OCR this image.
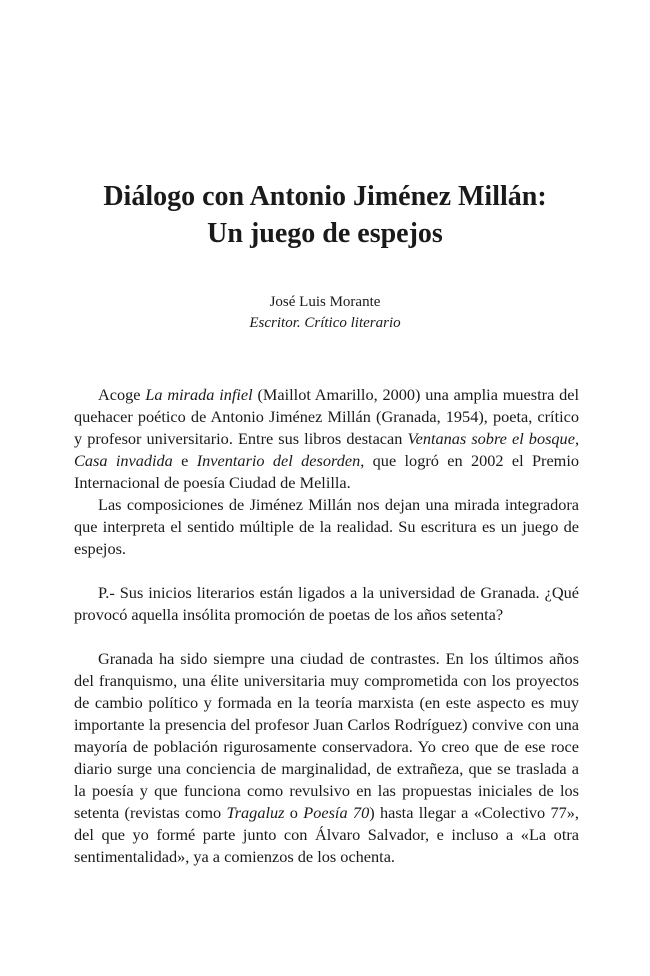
Diálogo con Antonio Jiménez Millán:
Un juego de espejos
José Luis Morante
Escritor. Crítico literario

Acoge La mirada infiel (Maillot Amarillo, 2000) una amplia muestra del quehacer poético de Antonio Jiménez Millán (Granada, 1954), poeta, crítico y profesor universitario. Entre sus libros destacan Ventanas sobre el bosque, Casa invadida e Inventario del desorden, que logró en 2002 el Premio Internacional de poesía Ciudad de Melilla.

Las composiciones de Jiménez Millán nos dejan una mirada integradora que interpreta el sentido múltiple de la realidad. Su escritura es un juego de espejos.

P.- Sus inicios literarios están ligados a la universidad de Granada. ¿Qué provocó aquella insólita promoción de poetas de los años setenta?

Granada ha sido siempre una ciudad de contrastes. En los últimos años del franquismo, una élite universitaria muy comprometida con los proyectos de cambio político y formada en la teoría marxista (en este aspecto es muy importante la presencia del profesor Juan Carlos Rodríguez) convive con una mayoría de población rigurosamente conservadora. Yo creo que de ese roce diario surge una conciencia de marginalidad, de extrañeza, que se traslada a la poesía y que funciona como revulsivo en las propuestas iniciales de los setenta (revistas como Tragaluz o Poesía 70) hasta llegar a «Colectivo 77», del que yo formé parte junto con Álvaro Salvador, e incluso a «La otra sentimentalidad», ya a comienzos de los ochenta.
